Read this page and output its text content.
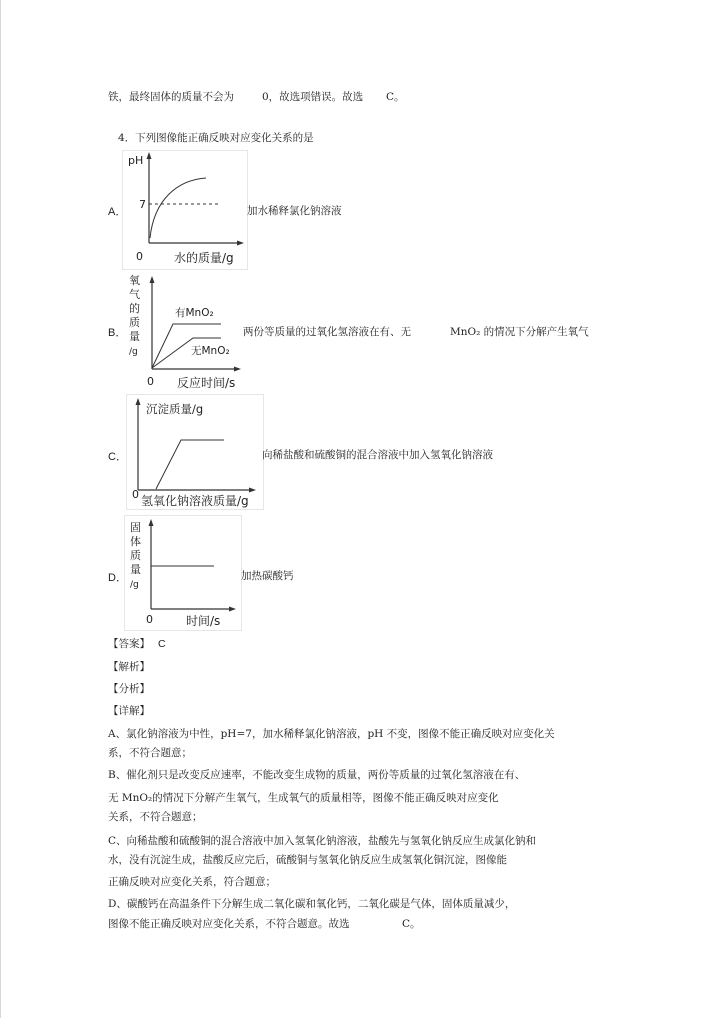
铁，最终固体的质量不会为	0，故选项错误。故选 C。
4．下列图像能正确反映对应变化关系的是
A．
pH
7
0	水的质量/g
加水稀释氯化钠溶液
B．
氧
气
的
质
量
/g
有MnO₂
无MnO₂
0 反应时间/s
两份等质量的过氧化氢溶液在有、无	MnO₂ 的情况下分解产生氧气
C．
沉淀质量/g
0 氢氧化钠溶液质量/g
向稀盐酸和硫酸铜的混合溶液中加入氢氧化钠溶液
D．
固
体
质
量
/g
0	时间/s
加热碳酸钙
【答案】 C
【解析】
【分析】
【详解】
A、氯化钠溶液为中性，pH=7，加水稀释氯化钠溶液，pH 不变，图像不能正确反映对应变化关
系，不符合题意；
B、催化剂只是改变反应速率，不能改变生成物的质量，两份等质量的过氧化氢溶液在有、
无 MnO₂的情况下分解产生氧气，生成氧气的质量相等，图像不能正确反映对应变化
关系，不符合题意；
C、向稀盐酸和硫酸铜的混合溶液中加入氢氧化钠溶液，盐酸先与氢氧化钠反应生成氯化钠和
水，没有沉淀生成，盐酸反应完后，硫酸铜与氢氧化钠反应生成氢氧化铜沉淀，图像能
正确反映对应变化关系，符合题意；
D、碳酸钙在高温条件下分解生成二氧化碳和氧化钙，二氧化碳是气体，固体质量减少，
图像不能正确反映对应变化关系，不符合题意。故选	C。
